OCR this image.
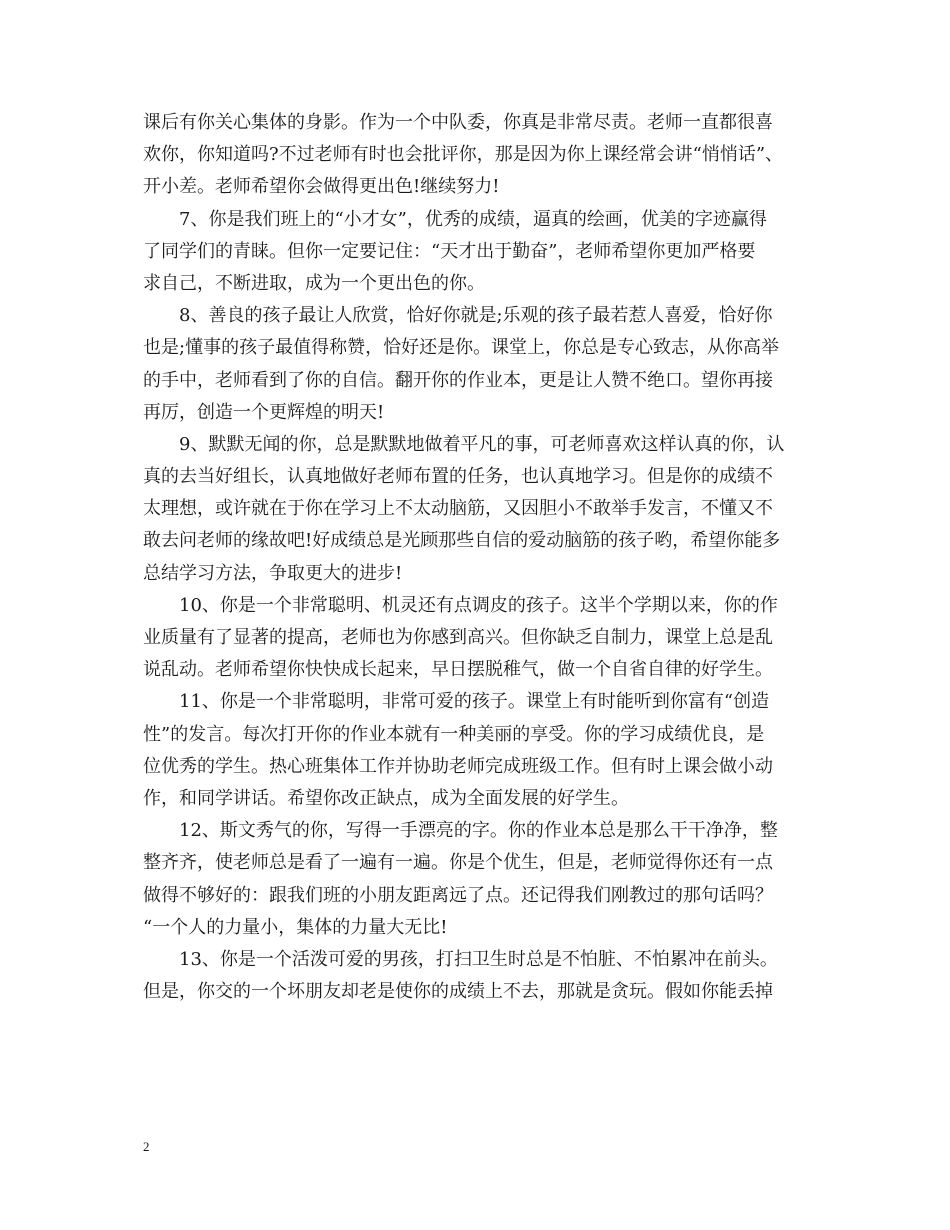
课后有你关心集体的身影。作为一个中队委，你真是非常尽责。老师一直都很喜
欢你，你知道吗?不过老师有时也会批评你，那是因为你上课经常会讲“悄悄话”、
开小差。老师希望你会做得更出色!继续努力!
　　7、你是我们班上的“小才女”，优秀的成绩，逼真的绘画，优美的字迹赢得
了同学们的青睐。但你一定要记住：“天才出于勤奋”，老师希望你更加严格要
求自己，不断进取，成为一个更出色的你。
　　8、善良的孩子最让人欣赏，恰好你就是;乐观的孩子最若惹人喜爱，恰好你
也是;懂事的孩子最值得称赞，恰好还是你。课堂上，你总是专心致志，从你高举
的手中，老师看到了你的自信。翻开你的作业本，更是让人赞不绝口。望你再接
再厉，创造一个更辉煌的明天!
　　9、默默无闻的你，总是默默地做着平凡的事，可老师喜欢这样认真的你，认
真的去当好组长，认真地做好老师布置的任务，也认真地学习。但是你的成绩不
太理想，或许就在于你在学习上不太动脑筋，又因胆小不敢举手发言，不懂又不
敢去问老师的缘故吧!好成绩总是光顾那些自信的爱动脑筋的孩子哟，希望你能多
总结学习方法，争取更大的进步!
　　10、你是一个非常聪明、机灵还有点调皮的孩子。这半个学期以来，你的作
业质量有了显著的提高，老师也为你感到高兴。但你缺乏自制力，课堂上总是乱
说乱动。老师希望你快快成长起来，早日摆脱稚气，做一个自省自律的好学生。
　　11、你是一个非常聪明，非常可爱的孩子。课堂上有时能听到你富有“创造
性”的发言。每次打开你的作业本就有一种美丽的享受。你的学习成绩优良，是
位优秀的学生。热心班集体工作并协助老师完成班级工作。但有时上课会做小动
作，和同学讲话。希望你改正缺点，成为全面发展的好学生。
　　12、斯文秀气的你，写得一手漂亮的字。你的作业本总是那么干干净净，整
整齐齐，使老师总是看了一遍有一遍。你是个优生，但是，老师觉得你还有一点
做得不够好的：跟我们班的小朋友距离远了点。还记得我们刚教过的那句话吗？
“一个人的力量小，集体的力量大无比!
　　13、你是一个活泼可爱的男孩，打扫卫生时总是不怕脏、不怕累冲在前头。
但是，你交的一个坏朋友却老是使你的成绩上不去，那就是贪玩。假如你能丢掉
2
